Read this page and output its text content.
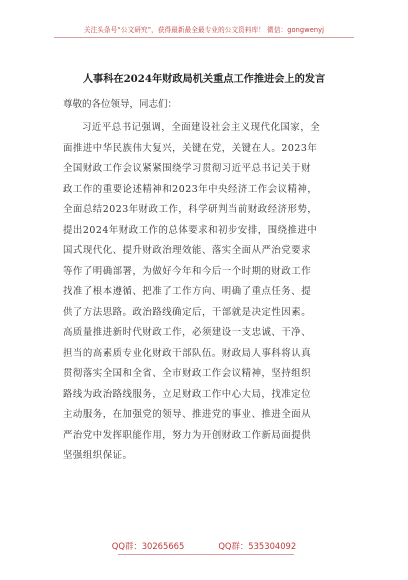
关注头条号“公文研究”，获得最新最全最专业的公文资料库！ 微信：gongwenyj
人事科在2024年财政局机关重点工作推进会上的发言
尊敬的各位领导，同志们：
习近平总书记强调，全面建设社会主义现代化国家，全
面推进中华民族伟大复兴，关键在党，关键在人。2023年
全国财政工作会议紧紧围绕学习贯彻习近平总书记关于财
政工作的重要论述精神和2023年中央经济工作会议精神，
全面总结2023年财政工作，科学研判当前财政经济形势，
提出2024年财政工作的总体要求和初步安排，围绕推进中
国式现代化、提升财政治理效能、落实全面从严治党要求
等作了明确部署，为做好今年和今后一个时期的财政工作
找准了根本遵循、把准了工作方向、明确了重点任务、提
供了方法思路。政治路线确定后，干部就是决定性因素。
高质量推进新时代财政工作，必须建设一支忠诚、干净、
担当的高素质专业化财政干部队伍。财政局人事科将认真
贯彻落实全国和全省、全市财政工作会议精神，坚持组织
路线为政治路线服务，立足财政工作中心大局，找准定位
主动服务，在加强党的领导、推进党的事业、推进全面从
严治党中发挥职能作用，努力为开创财政工作新局面提供
坚强组织保证。
QQ群：30265665	QQ群：535304092
